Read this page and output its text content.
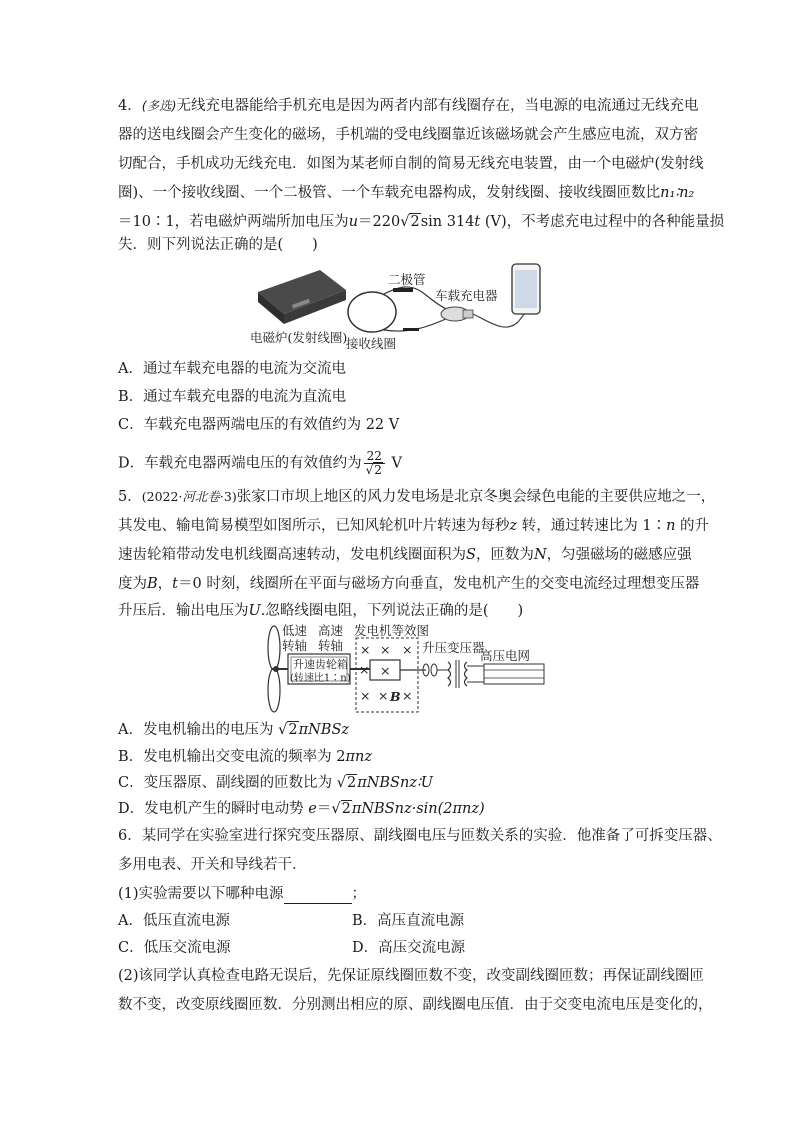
4．(多选)无线充电器能给手机充电是因为两者内部有线圈存在，当电源的电流通过无线充电
器的送电线圈会产生变化的磁场，手机端的受电线圈靠近该磁场就会产生感应电流，双方密
切配合，手机成功无线充电．如图为某老师自制的简易无线充电装置，由一个电磁炉(发射线
圈)、一个接收线圈、一个二极管、一个车载充电器构成，发射线圈、接收线圈匝数比n₁∶n₂
＝10∶1，若电磁炉两端所加电压为u＝220√2sin 314t (V)，不考虑充电过程中的各种能量损
失．则下列说法正确的是(　　)
二极管
车载充电器
电磁炉(发射线圈)
接收线圈
A．通过车载充电器的电流为交流电
B．通过车载充电器的电流为直流电
C．车载充电器两端电压的有效值约为 22 V
D．车载充电器两端电压的有效值约为 $\frac{22}{√2}$ V
5．(2022·河北卷·3)张家口市坝上地区的风力发电场是北京冬奥会绿色电能的主要供应地之一，
其发电、输电简易模型如图所示，已知风轮机叶片转速为每秒z 转，通过转速比为 1∶n 的升
速齿轮箱带动发电机线圈高速转动，发电机线圈面积为S，匝数为N，匀强磁场的磁感应强
度为B，t＝0 时刻，线圈所在平面与磁场方向垂直，发电机产生的交变电流经过理想变压器
升压后．输出电压为U.忽略线圈电阻，下列说法正确的是(　　)
× × ×
× ×
× × ×
B
低速
转轴
高速
转轴
发电机等效图
升速齿轮箱
(转速比1∶n)
升压变压器
高压电网
A．发电机输出的电压为 √2πNBSz
B．发电机输出交变电流的频率为 2πnz
C．变压器原、副线圈的匝数比为 √2πNBSnz∶U
D．发电机产生的瞬时电动势 e＝√2πNBSnz·sin(2πnz)
6．某同学在实验室进行探究变压器原、副线圈电压与匝数关系的实验．他准备了可拆变压器、
多用电表、开关和导线若干．
(1)实验需要以下哪种电源	；
A．低压直流电源	B．高压直流电源
C．低压交流电源	D．高压交流电源
(2)该同学认真检查电路无误后，先保证原线圈匝数不变，改变副线圈匝数；再保证副线圈匝
数不变，改变原线圈匝数．分别测出相应的原、副线圈电压值．由于交变电流电压是变化的，
